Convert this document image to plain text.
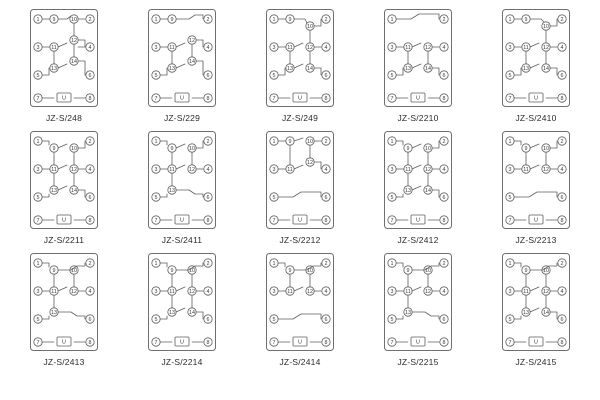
1
3
5
7
2
4
6
8
9
11
13
10
12
14
U
JZ-S/248
1
3
5
7
2
4
6
8
9
11
13
12
14
U
JZ-S/229
1
3
5
7
2
4
6
8
9
11
13
10
12
14
U
JZ-S/249
1
3
5
7
2
4
6
8
11
13
12
14
U
JZ-S/2210
1
3
5
7
2
4
6
8
9
11
13
10
12
14
U
JZ-S/2410
1
3
5
7
2
4
6
8
9
11
13
10
12
14
U
JZ-S/2211
1
3
5
7
2
4
6
8
9
11
13
10
12
U
JZ-S/2411
1
3
5
7
2
4
6
8
9
11
10
12
U
JZ-S/2212
1
3
5
7
2
4
6
8
9
11
13
10
12
14
U
JZ-S/2412
1
3
5
7
2
4
6
8
9
11
10
12
U
JZ-S/2213
1
3
5
7
2
4
6
8
9
11
13
10
12
U
JZ-S/2413
1
3
5
7
2
4
6
8
9
11
13
10
12
14
U
JZ-S/2214
1
3
5
7
2
4
6
8
9
11
10
12
U
JZ-S/2414
1
3
5
7
2
4
6
8
9
11
13
10
12
U
JZ-S/2215
1
3
5
7
2
4
6
8
9
11
13
10
12
14
U
JZ-S/2415
